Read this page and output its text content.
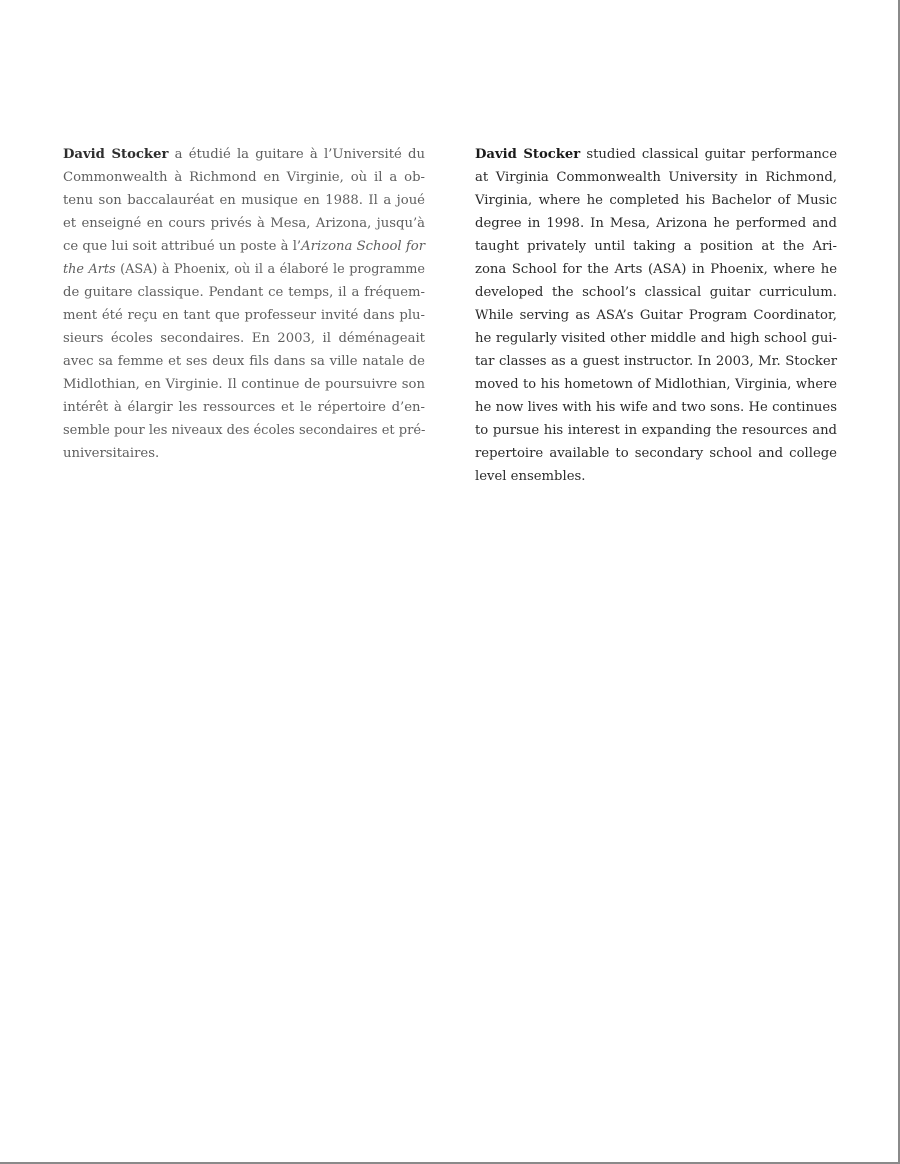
David Stocker a étudié la guitare à l’Université du
Commonwealth à Richmond en Virginie, où il a ob-
tenu son baccalauréat en musique en 1988. Il a joué
et enseigné en cours privés à Mesa, Arizona, jusqu’à
ce que lui soit attribué un poste à l’Arizona School for
the Arts (ASA) à Phoenix, où il a élaboré le programme
de guitare classique. Pendant ce temps, il a fréquem-
ment été reçu en tant que professeur invité dans plu-
sieurs écoles secondaires. En 2003, il déménageait
avec sa femme et ses deux fils dans sa ville natale de
Midlothian, en Virginie. Il continue de poursuivre son
intérêt à élargir les ressources et le répertoire d’en-
semble pour les niveaux des écoles secondaires et pré-
universitaires.
David Stocker studied classical guitar performance
at Virginia Commonwealth University in Richmond,
Virginia, where he completed his Bachelor of Music
degree in 1998. In Mesa, Arizona he performed and
taught privately until taking a position at the Ari-
zona School for the Arts (ASA) in Phoenix, where he
developed the school’s classical guitar curriculum.
While serving as ASA’s Guitar Program Coordinator,
he regularly visited other middle and high school gui-
tar classes as a guest instructor. In 2003, Mr. Stocker
moved to his hometown of Midlothian, Virginia, where
he now lives with his wife and two sons. He continues
to pursue his interest in expanding the resources and
repertoire available to secondary school and college
level ensembles.
